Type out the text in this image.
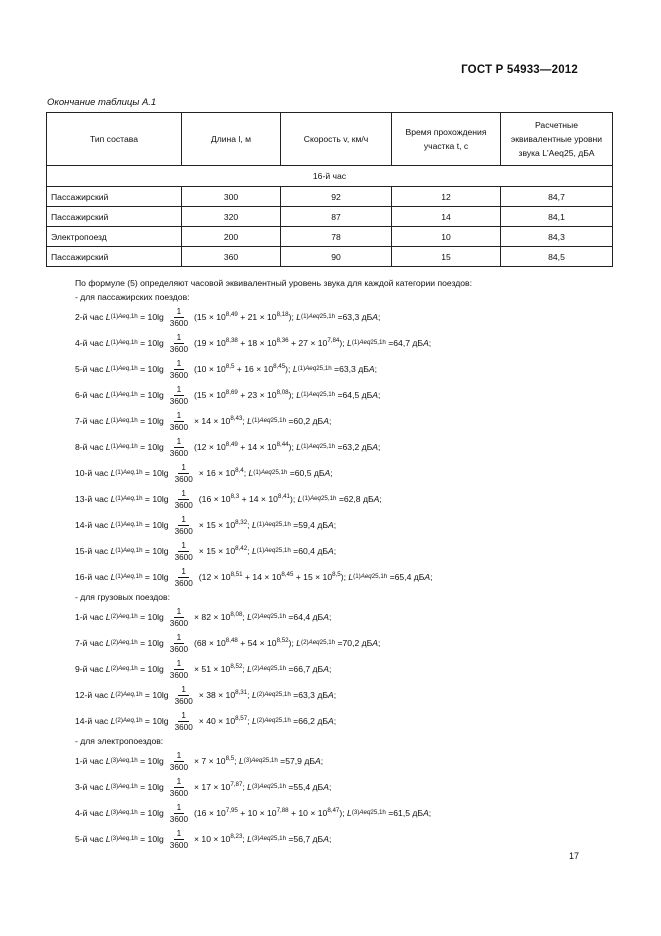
ГОСТ Р 54933—2012
Окончание таблицы А.1
Тип состава	Длина l, м	Скорость v, км/ч	Время прохождения участка t, с	Расчетные эквивалентные уровни звука L'Aeq25, дБА
16-й час				
Пассажирский	300	92	12	84,7
Пассажирский	320	87	14	84,1
Электропоезд	200	78	10	84,3
Пассажирский	360	90	15	84,5
По формуле (5) определяют часовой эквивалентный уровень звука для каждой категории поездов:
- для пассажирских поездов:
2-й час
L (1) Aeq,1h = 10lg
1
3600
$(15 \times 10^{8,49} + 21 \times 10^{8,18})$ ; L (1) Aeq25,1h = 63,3 дБ А ;
4-й час
L (1) Aeq,1h = 10lg
1
3600
$(19 \times 10^{8,38} + 18 \times 10^{8,36} + 27 \times 10^{7,84})$ ; L (1) Aeq25,1h = 64,7 дБ А ;
5-й час
L (1) Aeq,1h = 10lg
1
3600
$(10 \times 10^{8,5} + 16 \times 10^{8,45})$ ; L (1) Aeq25,1h = 63,3 дБ А ;
6-й час
L (1) Aeq,1h = 10lg
1
3600
$(15 \times 10^{8,69} + 23 \times 10^{8,08})$ ; L (1) Aeq25,1h = 64,5 дБ А ;
7-й час
L (1) $Aeq,1h = 10\lg \frac{1}{3600} \times 14 \times 10^{8,43}$ ; L (1) Aeq25,1h = 60,2 дБ А ;
8-й час
L (1) Aeq,1h = 10lg
1
3600
$(12 \times 10^{8,49} + 14 \times 10^{8,44})$ ; L (1) Aeq25,1h = 63,2 дБ А ;
10-й час
L (1) $Aeq,1h = 10\lg \frac{1}{3600} \times 16 \times 10^{8,4}$ ; L (1) Aeq25,1h = 60,5 дБ А ;
13-й час
L (1) Aeq,1h = 10lg
1
3600
$(16 \times 10^{8,3} + 14 \times 10^{8,41})$ ; L (1) Aeq25,1h = 62,8 дБ А ;
14-й час
L (1) $Aeq,1h = 10\lg \frac{1}{3600} \times 15 \times 10^{8,32}$ ; L (1) Aeq25,1h = 59,4 дБ А ;
15-й час
L (1) $Aeq,1h = 10\lg \frac{1}{3600} \times 15 \times 10^{8,42}$ ; L (1) Aeq25,1h = 60,4 дБ А ;
16-й час
L (1) Aeq,1h = 10lg
1
3600
$(12 \times 10^{8,51} + 14 \times 10^{8,45} + 15 \times 10^{8,5})$ ; L (1) Aeq25,1h = 65,4 дБ А ;
- для грузовых поездов:
1-й час
L (2) $Aeq,1h = 10\lg \frac{1}{3600} \times 82 \times 10^{8,08}$ ; L (2) Aeq25,1h = 64,4 дБ А ;
7-й час
L (2) Aeq,1h = 10lg
1
3600
$(68 \times 10^{8,48} + 54 \times 10^{8,52})$ ; L (2) Aeq25,1h = 70,2 дБ А ;
9-й час
L (2) $Aeq,1h = 10\lg \frac{1}{3600} \times 51 \times 10^{8,52}$ ; L (2) Aeq25,1h = 66,7 дБ А ;
12-й час
L (2) $Aeq,1h = 10\lg \frac{1}{3600} \times 38 \times 10^{8,31}$ ; L (2) Aeq25,1h = 63,3 дБ А ;
14-й час
L (2) $Aeq,1h = 10\lg \frac{1}{3600} \times 40 \times 10^{8,57}$ ; L (2) Aeq25,1h = 66,2 дБ А ;
- для электропоездов:
1-й час
L (3) $Aeq,1h = 10\lg \frac{1}{3600} \times 7 \times 10^{8,5}$ ; L (3) Aeq25,1h = 57,9 дБ А ;
3-й час
L (3) $Aeq,1h = 10\lg \frac{1}{3600} \times 17 \times 10^{7,87}$ ; L (3) Aeq25,1h = 55,4 дБ А ;
4-й час
L (3) Aeq,1h = 10lg
1
3600
$(16 \times 10^{7,95} + 10 \times 10^{7,88} + 10 \times 10^{8,47})$ ; L (3) Aeq25,1h = 61,5 дБ А ;
5-й час
L (3) $Aeq,1h = 10\lg \frac{1}{3600} \times 10 \times 10^{8,23}$ ; L (3) Aeq25,1h = 56,7 дБ А ;
17
